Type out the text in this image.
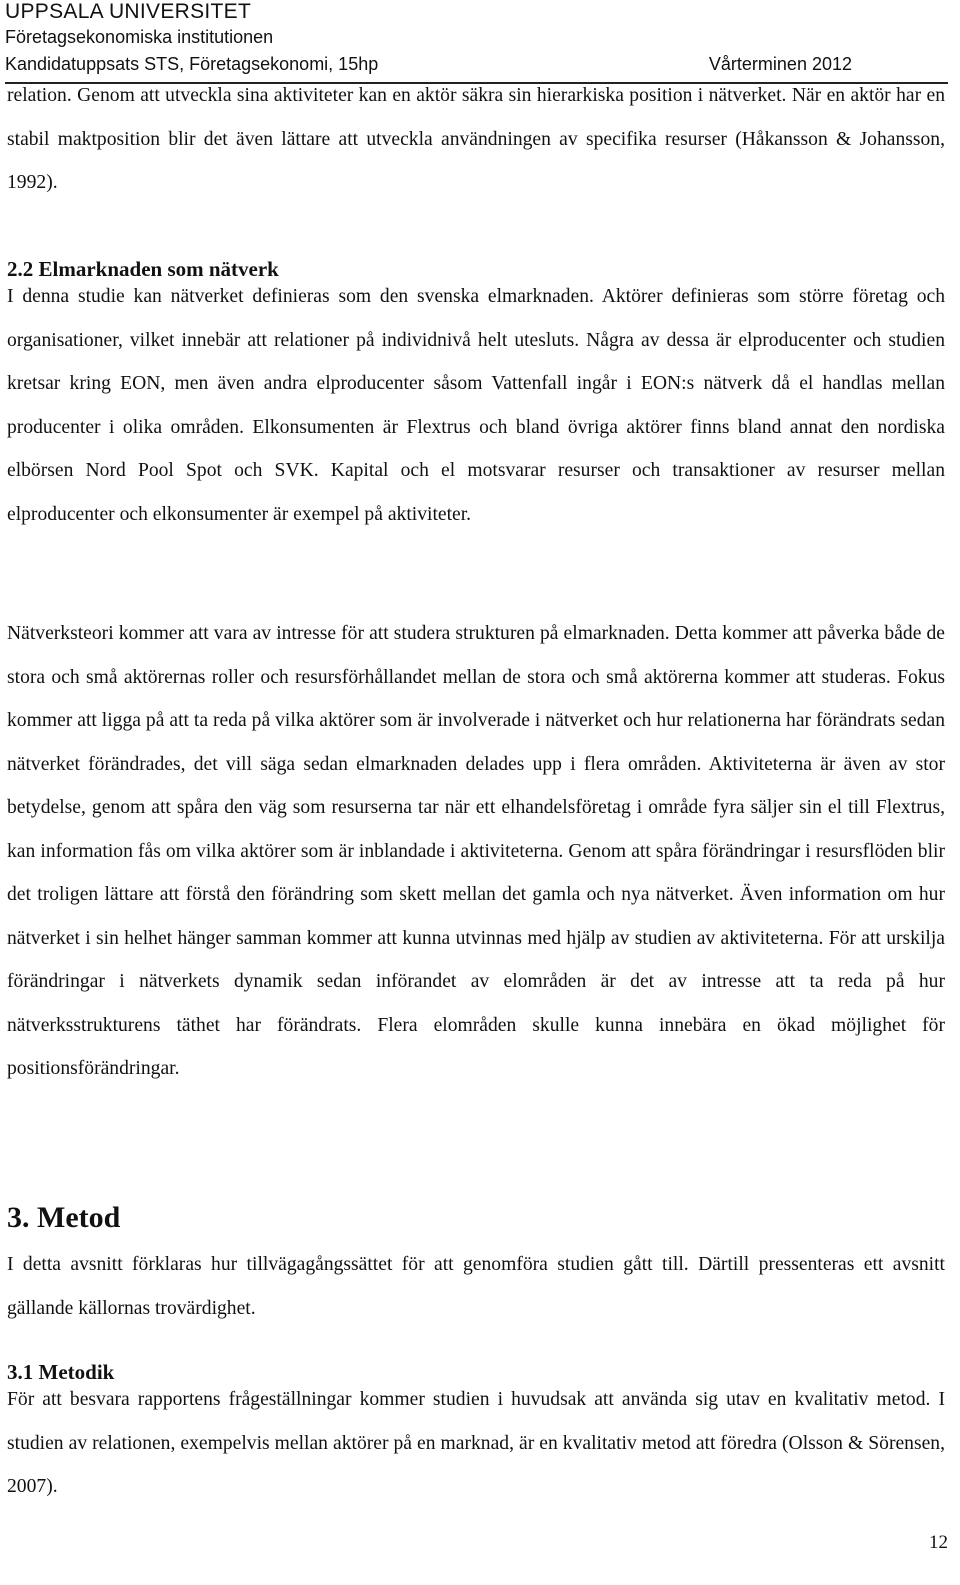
UPPSALA UNIVERSITET
Företagsekonomiska institutionen
Kandidatuppsats STS, Företagsekonomi, 15hp	Vårterminen 2012

relation. Genom att utveckla sina aktiviteter kan en aktör säkra sin hierarkiska position i nätverket. När en aktör har en stabil maktposition blir det även lättare att utveckla användningen av specifika resurser (Håkansson & Johansson, 1992).

2.2 Elmarknaden som nätverk

I denna studie kan nätverket definieras som den svenska elmarknaden. Aktörer definieras som större företag och organisationer, vilket innebär att relationer på individnivå helt utesluts. Några av dessa är elproducenter och studien kretsar kring EON, men även andra elproducenter såsom Vattenfall ingår i EON:s nätverk då el handlas mellan producenter i olika områden. Elkonsumenten är Flextrus och bland övriga aktörer finns bland annat den nordiska elbörsen Nord Pool Spot och SVK. Kapital och el motsvarar resurser och transaktioner av resurser mellan elproducenter och elkonsumenter är exempel på aktiviteter.

Nätverksteori kommer att vara av intresse för att studera strukturen på elmarknaden. Detta kommer att påverka både de stora och små aktörernas roller och resursförhållandet mellan de stora och små aktörerna kommer att studeras. Fokus kommer att ligga på att ta reda på vilka aktörer som är involverade i nätverket och hur relationerna har förändrats sedan nätverket förändrades, det vill säga sedan elmarknaden delades upp i flera områden. Aktiviteterna är även av stor betydelse, genom att spåra den väg som resurserna tar när ett elhandelsföretag i område fyra säljer sin el till Flextrus, kan information fås om vilka aktörer som är inblandade i aktiviteterna. Genom att spåra förändringar i resursflöden blir det troligen lättare att förstå den förändring som skett mellan det gamla och nya nätverket. Även information om hur nätverket i sin helhet hänger samman kommer att kunna utvinnas med hjälp av studien av aktiviteterna. För att urskilja förändringar i nätverkets dynamik sedan införandet av elområden är det av intresse att ta reda på hur nätverksstrukturens täthet har förändrats. Flera elområden skulle kunna innebära en ökad möjlighet för positionsförändringar.

3. Metod

I detta avsnitt förklaras hur tillvägagångssättet för att genomföra studien gått till. Därtill pressenteras ett avsnitt gällande källornas trovärdighet.

3.1 Metodik

För att besvara rapportens frågeställningar kommer studien i huvudsak att använda sig utav en kvalitativ metod. I studien av relationen, exempelvis mellan aktörer på en marknad, är en kvalitativ metod att föredra (Olsson & Sörensen, 2007).

12
